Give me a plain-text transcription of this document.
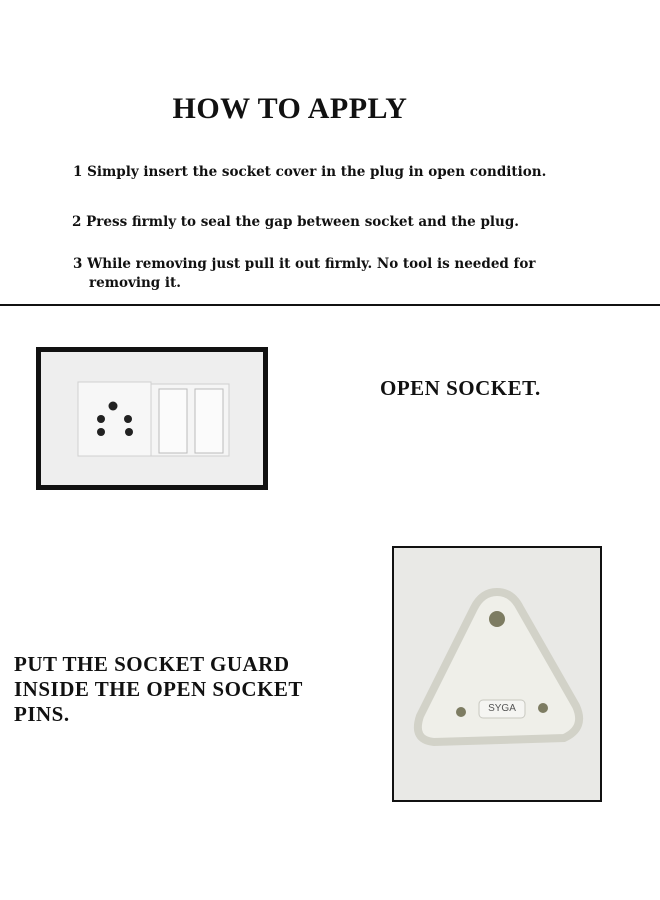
HOW TO APPLY
1 Simply insert the socket cover in the plug in open condition.
2 Press firmly to seal the gap between socket and the plug.
3 While removing just pull it out firmly. No tool is needed for
removing it.
OPEN SOCKET.
PUT THE SOCKET GUARD
INSIDE THE OPEN SOCKET
PINS.	SYGA
